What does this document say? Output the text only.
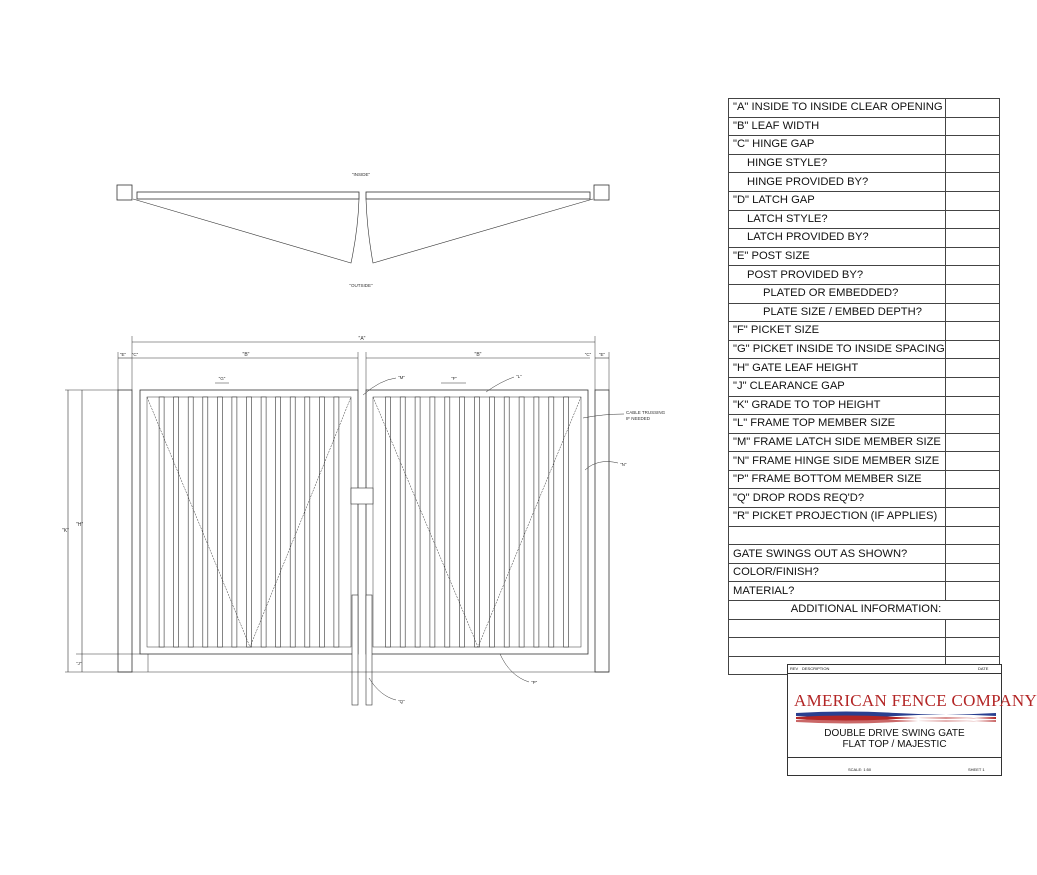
"INSIDE"
"OUTSIDE"
"A"
"B"	"B"
"E" "C"	"C" "E"
"K"
"H"
"J"
"G"	"F"
"M"	"L"
CABLE TRUSSING
IF NEEDED
"N"
"P"
"Q"
"A" INSIDE TO INSIDE CLEAR OPENING	
"B" LEAF WIDTH	
"C" HINGE GAP	
HINGE STYLE?	
HINGE PROVIDED BY?	
"D" LATCH GAP	
LATCH STYLE?	
LATCH PROVIDED BY?	
"E" POST SIZE	
POST PROVIDED BY?	
PLATED OR EMBEDDED?	
PLATE SIZE / EMBED DEPTH?	
"F" PICKET SIZE	
"G" PICKET INSIDE TO INSIDE SPACING	
"H" GATE LEAF HEIGHT	
"J" CLEARANCE GAP	
"K" GRADE TO TOP HEIGHT	
"L" FRAME TOP MEMBER SIZE	
"M" FRAME LATCH SIDE MEMBER SIZE	
"N" FRAME HINGE SIDE MEMBER SIZE	
"P" FRAME BOTTOM MEMBER SIZE	
"Q" DROP RODS REQ'D?	
"R" PICKET PROJECTION (IF APPLIES)	

GATE SWINGS OUT AS SHOWN?	
COLOR/FINISH?	
MATERIAL?	
ADDITIONAL INFORMATION:	

REV DESCRIPTION	DATE
AMERICAN FENCE COMPANY
DOUBLE DRIVE SWING GATE
FLAT TOP / MAJESTIC
SCALE: 1:50	SHEET 1
